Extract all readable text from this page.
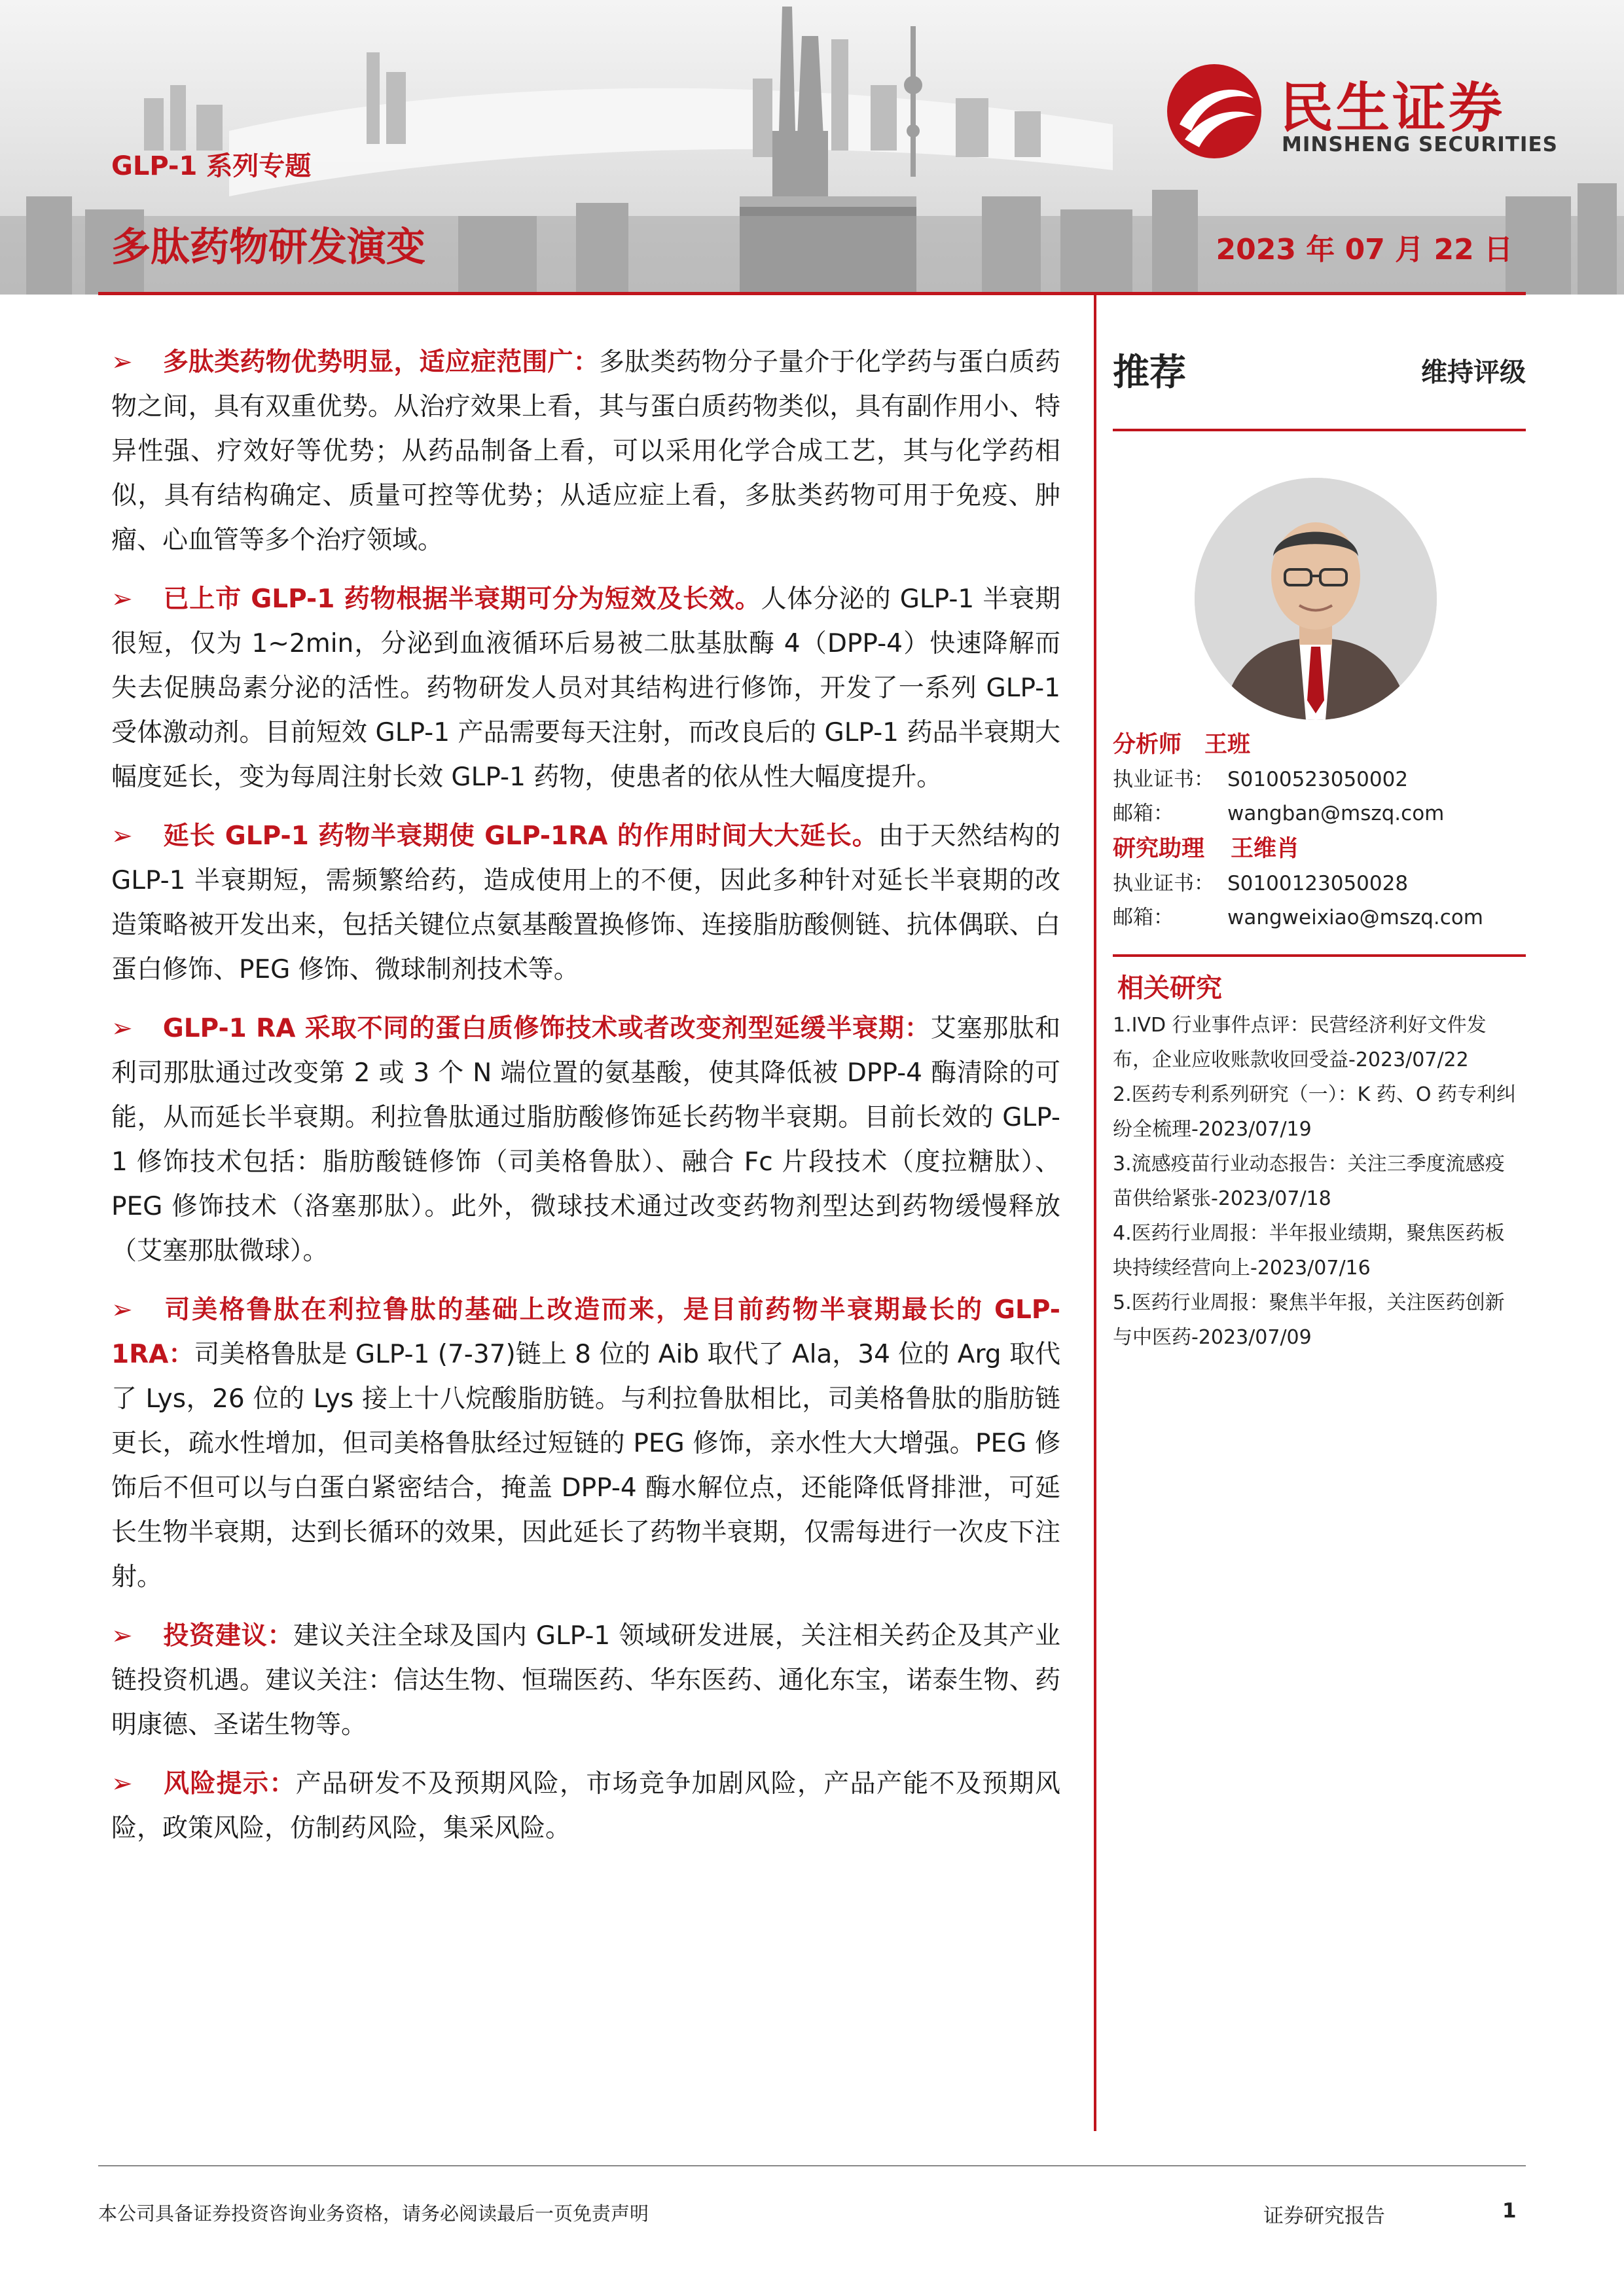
GLP-1 系列专题
多肽药物研发演变	2023 年 07 月 22 日
民生证券
MINSHENG SECURITIES

➢ 多肽类药物优势明显，适应症范围广：多肽类药物分子量介于化学药与蛋白质药物之间，具有双重优势。从治疗效果上看，其与蛋白质药物类似，具有副作用小、特异性强、疗效好等优势；从药品制备上看，可以采用化学合成工艺，其与化学药相似，具有结构确定、质量可控等优势；从适应症上看，多肽类药物可用于免疫、肿瘤、心血管等多个治疗领域。

➢ 已上市 GLP-1 药物根据半衰期可分为短效及长效。人体分泌的 GLP-1 半衰期很短，仅为 1~2min，分泌到血液循环后易被二肽基肽酶 4（DPP-4）快速降解而失去促胰岛素分泌的活性。药物研发人员对其结构进行修饰，开发了一系列 GLP-1 受体激动剂。目前短效 GLP-1 产品需要每天注射，而改良后的 GLP-1 药品半衰期大幅度延长，变为每周注射长效 GLP-1 药物，使患者的依从性大幅度提升。

➢ 延长 GLP-1 药物半衰期使 GLP-1RA 的作用时间大大延长。由于天然结构的 GLP-1 半衰期短，需频繁给药，造成使用上的不便，因此多种针对延长半衰期的改造策略被开发出来，包括关键位点氨基酸置换修饰、连接脂肪酸侧链、抗体偶联、白蛋白修饰、PEG 修饰、微球制剂技术等。

➢ GLP-1 RA 采取不同的蛋白质修饰技术或者改变剂型延缓半衰期：艾塞那肽和利司那肽通过改变第 2 或 3 个 N 端位置的氨基酸，使其降低被 DPP-4 酶清除的可能，从而延长半衰期。利拉鲁肽通过脂肪酸修饰延长药物半衰期。目前长效的 GLP-1 修饰技术包括：脂肪酸链修饰（司美格鲁肽）、融合 Fc 片段技术（度拉糖肽）、PEG 修饰技术（洛塞那肽）。此外，微球技术通过改变药物剂型达到药物缓慢释放（艾塞那肽微球）。

➢ 司美格鲁肽在利拉鲁肽的基础上改造而来，是目前药物半衰期最长的 GLP-1RA：司美格鲁肽是 GLP-1 (7-37)链上 8 位的 Aib 取代了 Ala，34 位的 Arg 取代了 Lys，26 位的 Lys 接上十八烷酸脂肪链。与利拉鲁肽相比，司美格鲁肽的脂肪链更长，疏水性增加，但司美格鲁肽经过短链的 PEG 修饰，亲水性大大增强。PEG 修饰后不但可以与白蛋白紧密结合，掩盖 DPP-4 酶水解位点，还能降低肾排泄，可延长生物半衰期，达到长循环的效果，因此延长了药物半衰期，仅需每进行一次皮下注射。

➢ 投资建议：建议关注全球及国内 GLP-1 领域研发进展，关注相关药企及其产业链投资机遇。建议关注：信达生物、恒瑞医药、华东医药、通化东宝，诺泰生物、药明康德、圣诺生物等。

➢ 风险提示：产品研发不及预期风险，市场竞争加剧风险，产品产能不及预期风险，政策风险，仿制药风险，集采风险。

推荐	维持评级
分析师 王班
执业证书： S0100523050002
邮箱：	wangban@mszq.com
研究助理 王维肖
执业证书： S0100123050028
邮箱：	wangweixiao@mszq.com
相关研究
1.IVD 行业事件点评：民营经济利好文件发
布，企业应收账款收回受益-2023/07/22
2.医药专利系列研究（一）：K 药、O 药专利纠
纷全梳理-2023/07/19
3.流感疫苗行业动态报告：关注三季度流感疫
苗供给紧张-2023/07/18
4.医药行业周报：半年报业绩期，聚焦医药板
块持续经营向上-2023/07/16
5.医药行业周报：聚焦半年报，关注医药创新
与中医药-2023/07/09
本公司具备证券投资咨询业务资格，请务必阅读最后一页免责声明	证券研究报告	1
